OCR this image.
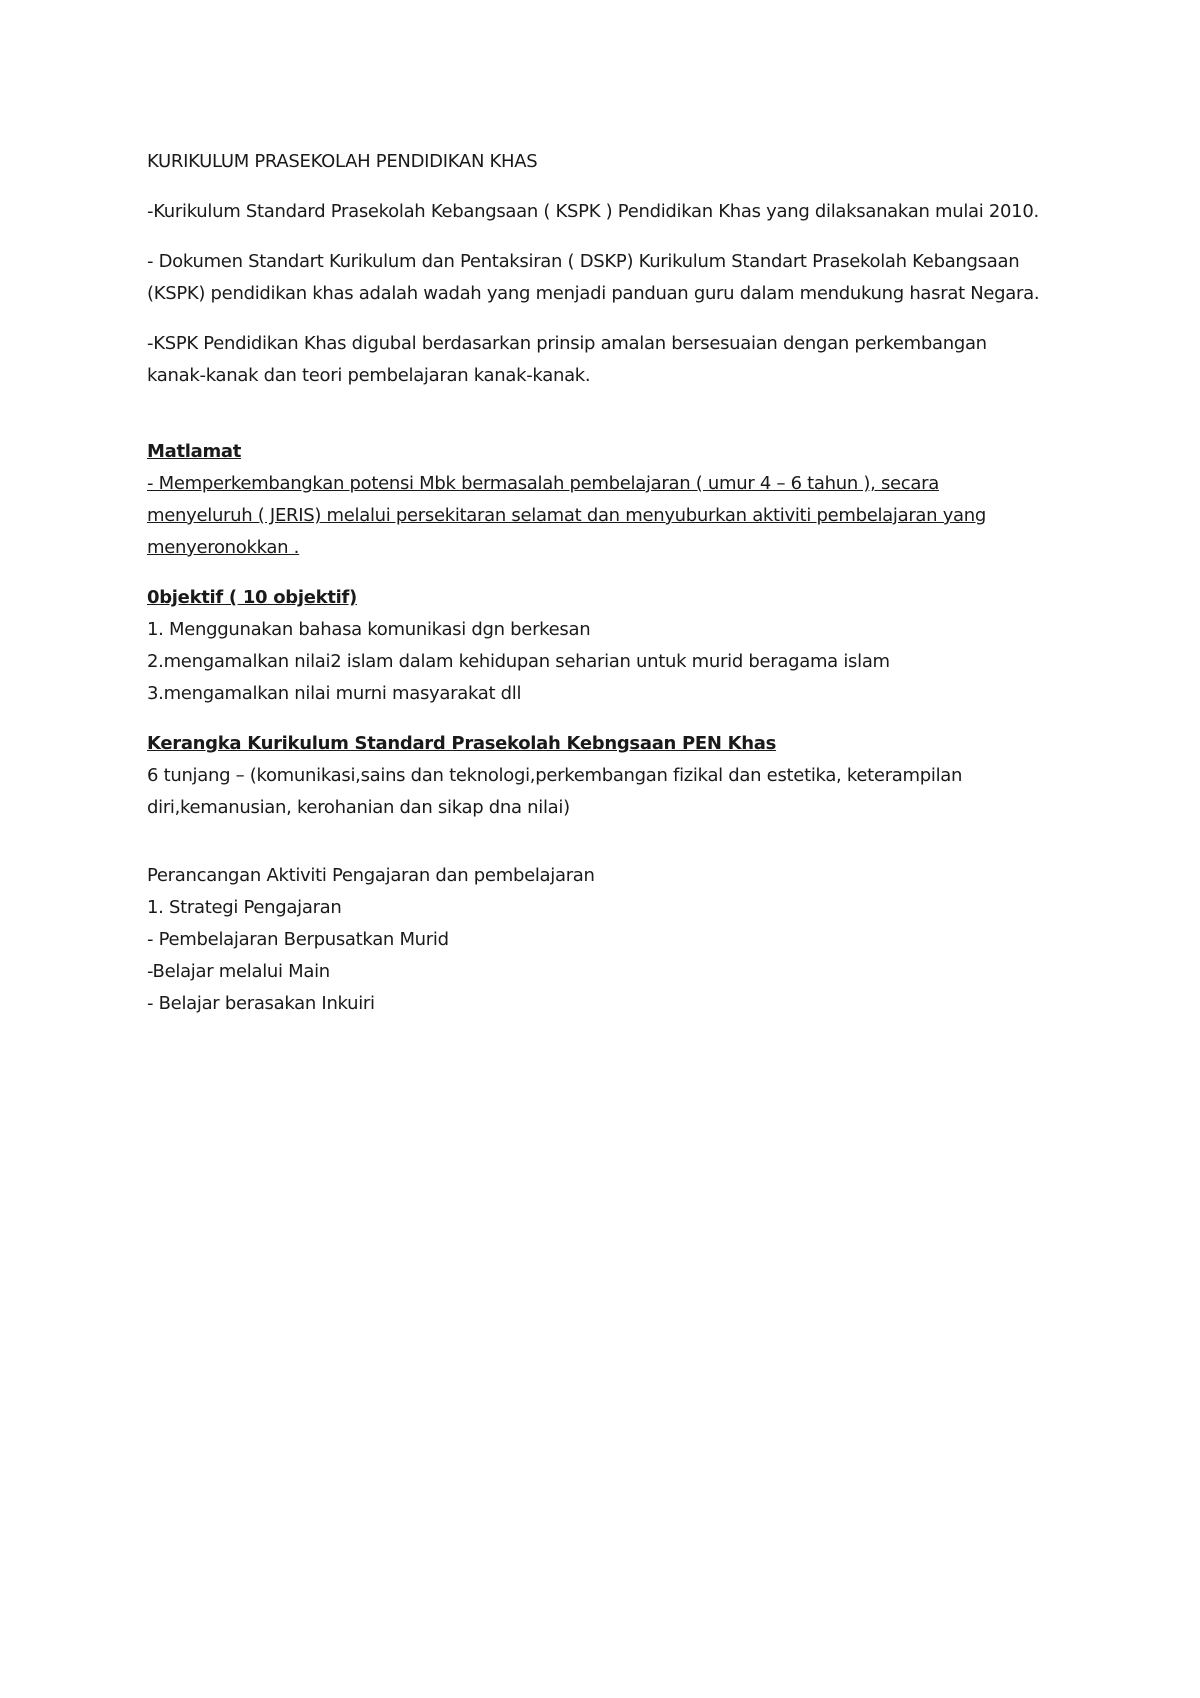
KURIKULUM PRASEKOLAH PENDIDIKAN KHAS
-Kurikulum Standard Prasekolah Kebangsaan ( KSPK ) Pendidikan Khas yang dilaksanakan mulai 2010.
- Dokumen Standart Kurikulum dan Pentaksiran ( DSKP) Kurikulum Standart Prasekolah Kebangsaan
(KSPK) pendidikan khas adalah wadah yang menjadi panduan guru dalam mendukung hasrat Negara.
-KSPK Pendidikan Khas digubal berdasarkan prinsip amalan bersesuaian dengan perkembangan
kanak-kanak dan teori pembelajaran kanak-kanak.
Matlamat
- Memperkembangkan potensi Mbk bermasalah pembelajaran ( umur 4 – 6 tahun ), secara
menyeluruh ( JERIS) melalui persekitaran selamat dan menyuburkan aktiviti pembelajaran yang
menyeronokkan .
0bjektif ( 10 objektif)
1. Menggunakan bahasa komunikasi dgn berkesan
2.mengamalkan nilai2 islam dalam kehidupan seharian untuk murid beragama islam
3.mengamalkan nilai murni masyarakat dll
Kerangka Kurikulum Standard Prasekolah Kebngsaan PEN Khas
6 tunjang – (komunikasi,sains dan teknologi,perkembangan fizikal dan estetika, keterampilan
diri,kemanusian, kerohanian dan sikap dna nilai)
Perancangan Aktiviti Pengajaran dan pembelajaran
1. Strategi Pengajaran
- Pembelajaran Berpusatkan Murid
-Belajar melalui Main
- Belajar berasakan Inkuiri
